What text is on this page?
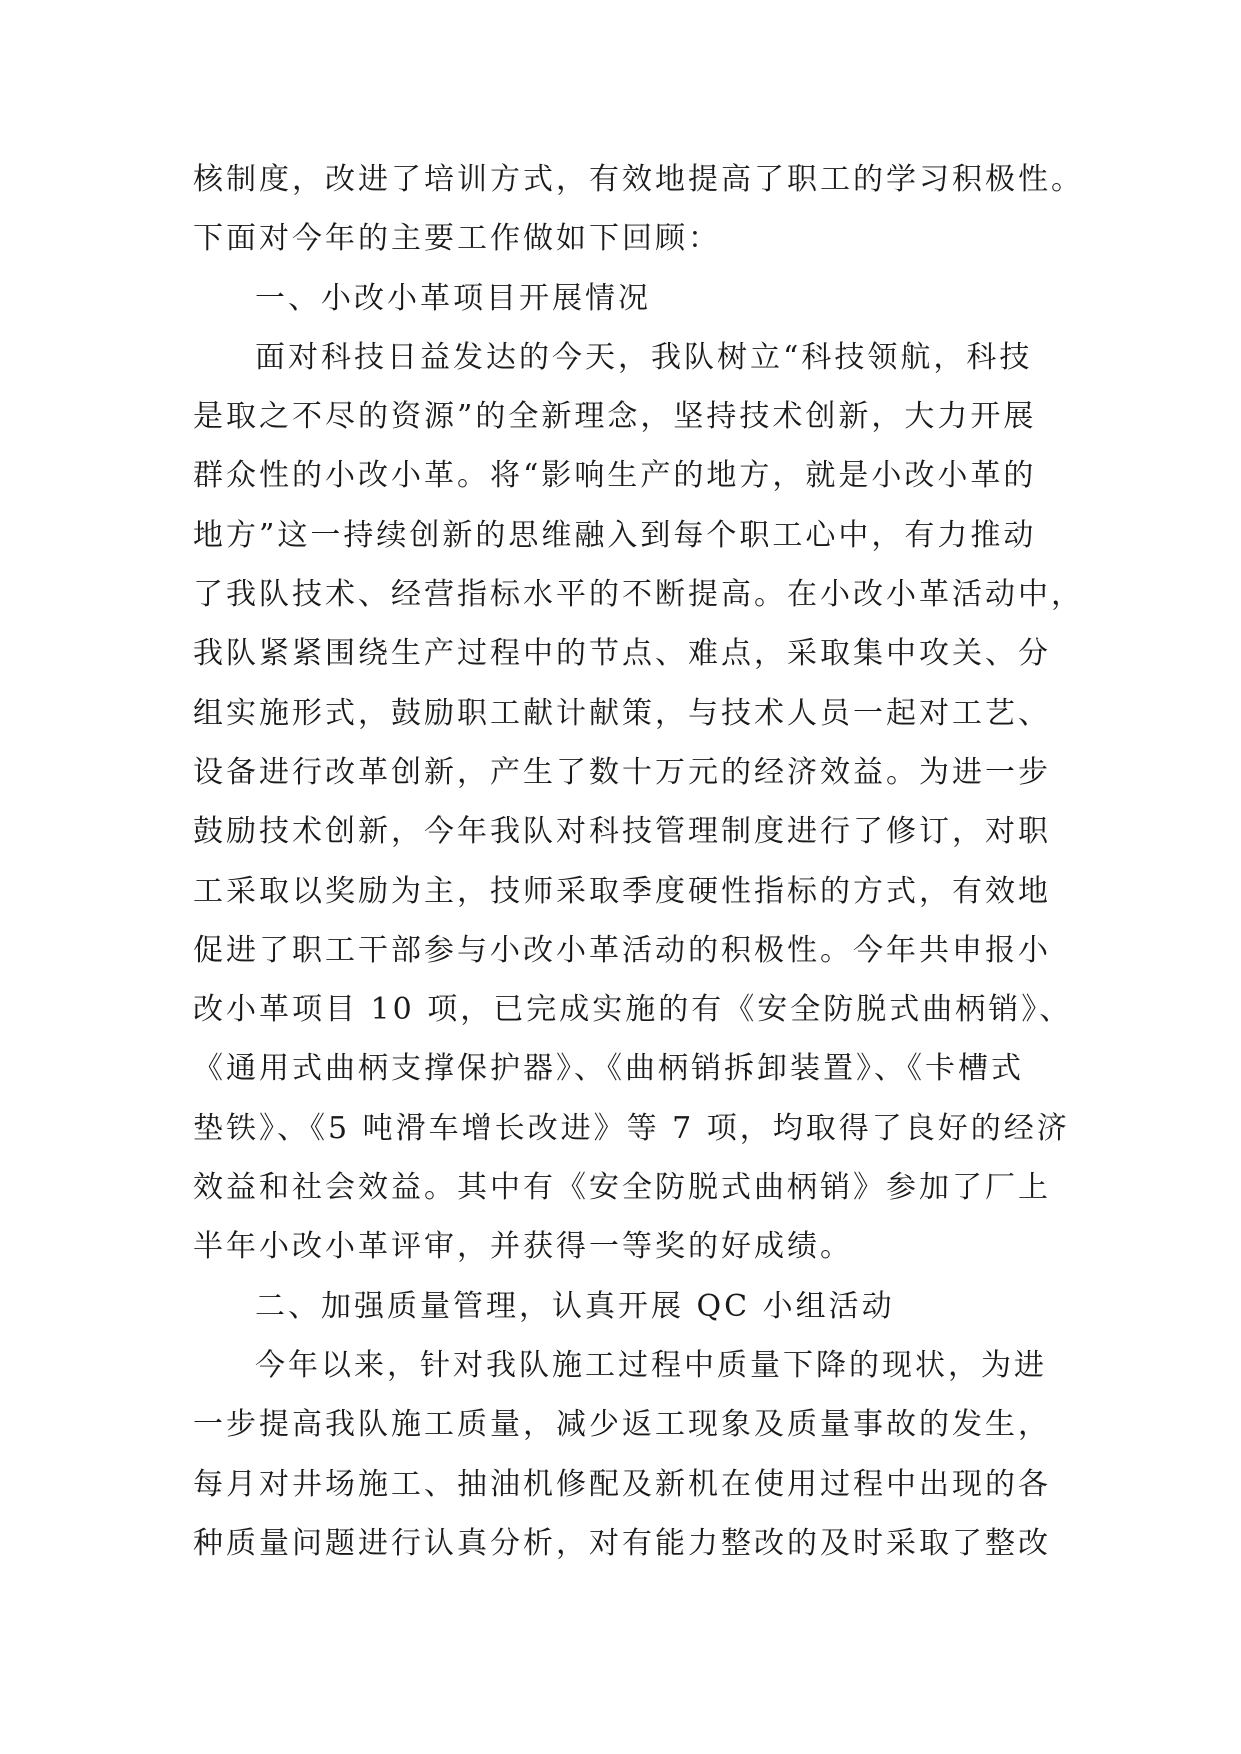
核制度，改进了培训方式，有效地提高了职工的学习积极性。
下面对今年的主要工作做如下回顾：
一、小改小革项目开展情况
面对科技日益发达的今天，我队树立“科技领航，科技
是取之不尽的资源”的全新理念，坚持技术创新，大力开展
群众性的小改小革。将“影响生产的地方，就是小改小革的
地方”这一持续创新的思维融入到每个职工心中，有力推动
了我队技术、经营指标水平的不断提高。在小改小革活动中，
我队紧紧围绕生产过程中的节点、难点，采取集中攻关、分
组实施形式，鼓励职工献计献策，与技术人员一起对工艺、
设备进行改革创新，产生了数十万元的经济效益。为进一步
鼓励技术创新，今年我队对科技管理制度进行了修订，对职
工采取以奖励为主，技师采取季度硬性指标的方式，有效地
促进了职工干部参与小改小革活动的积极性。今年共申报小
改小革项目 10 项，已完成实施的有《安全防脱式曲柄销》、
《通用式曲柄支撑保护器》、《曲柄销拆卸装置》、《卡槽式
垫铁》、《5 吨滑车增长改进》等 7 项，均取得了良好的经济
效益和社会效益。其中有《安全防脱式曲柄销》参加了厂上
半年小改小革评审，并获得一等奖的好成绩。
二、加强质量管理，认真开展 QC 小组活动
今年以来，针对我队施工过程中质量下降的现状，为进
一步提高我队施工质量，减少返工现象及质量事故的发生，
每月对井场施工、抽油机修配及新机在使用过程中出现的各
种质量问题进行认真分析，对有能力整改的及时采取了整改
